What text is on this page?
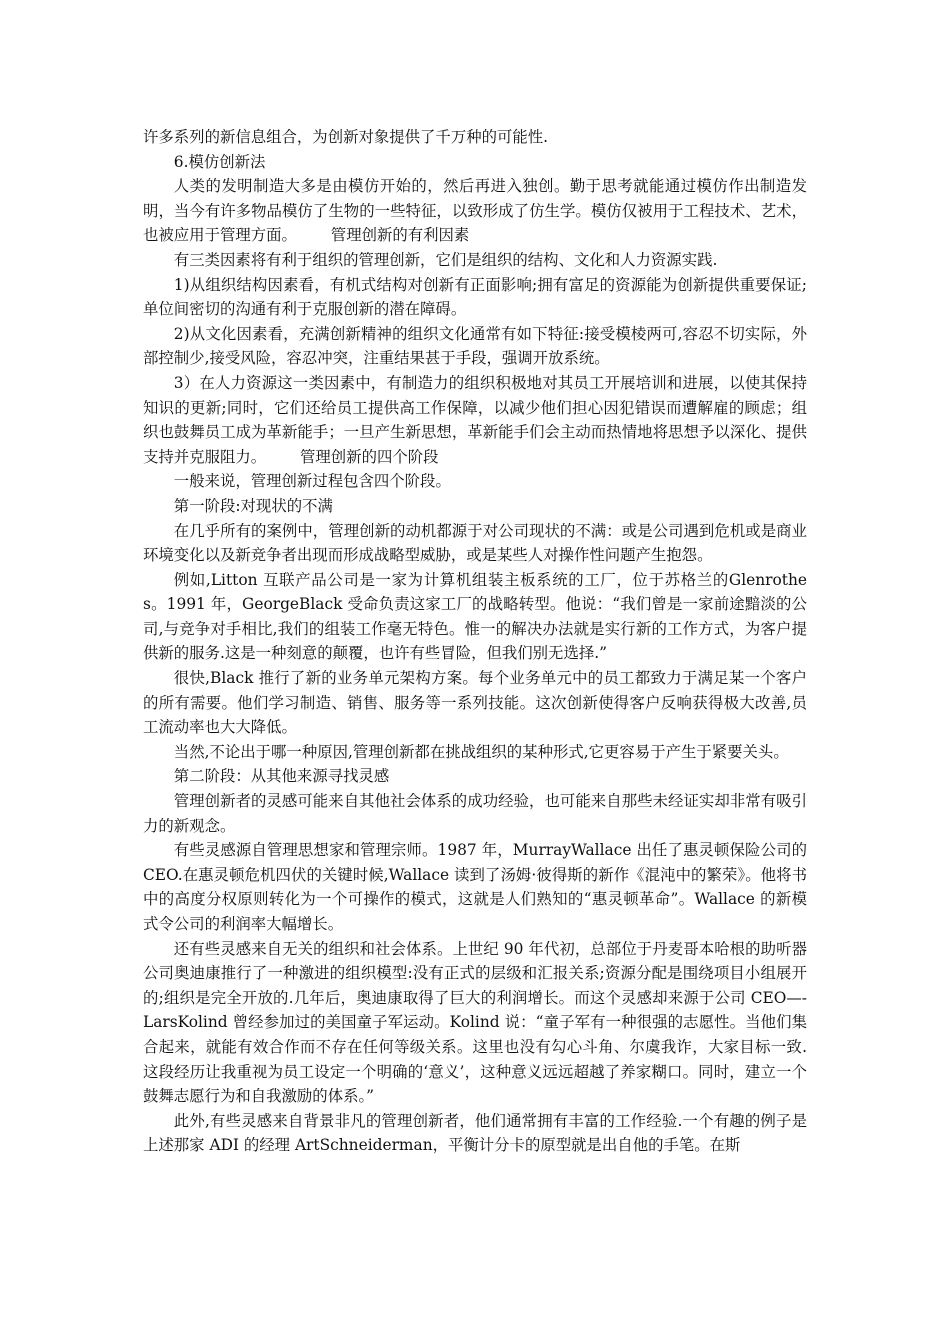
许多系列的新信息组合，为创新对象提供了千万种的可能性.

6.模仿创新法

人类的发明制造大多是由模仿开始的，然后再进入独创。勤于思考就能通过模仿作出制造发明，当今有许多物品模仿了生物的一些特征，以致形成了仿生学。模仿仅被用于工程技术、艺术，也被应用于管理方面。 管理创新的有利因素

有三类因素将有利于组织的管理创新，它们是组织的结构、文化和人力资源实践.

1)从组织结构因素看，有机式结构对创新有正面影响;拥有富足的资源能为创新提供重要保证;单位间密切的沟通有利于克服创新的潜在障碍。

2)从文化因素看，充满创新精神的组织文化通常有如下特征:接受模棱两可,容忍不切实际，外部控制少,接受风险，容忍冲突，注重结果甚于手段，强调开放系统。

3）在人力资源这一类因素中，有制造力的组织积极地对其员工开展培训和进展，以使其保持知识的更新;同时，它们还给员工提供高工作保障，以减少他们担心因犯错误而遭解雇的顾虑；组织也鼓舞员工成为革新能手；一旦产生新思想，革新能手们会主动而热情地将思想予以深化、提供支持并克服阻力。 管理创新的四个阶段

一般来说，管理创新过程包含四个阶段。

第一阶段:对现状的不满

在几乎所有的案例中，管理创新的动机都源于对公司现状的不满：或是公司遇到危机或是商业环境变化以及新竞争者出现而形成战略型威胁，或是某些人对操作性问题产生抱怨。

例如,Litton 互联产品公司是一家为计算机组装主板系统的工厂，位于苏格兰的Glenrothes。1991 年，GeorgeBlack 受命负责这家工厂的战略转型。他说：“我们曾是一家前途黯淡的公司,与竞争对手相比,我们的组装工作毫无特色。惟一的解决办法就是实行新的工作方式，为客户提供新的服务.这是一种刻意的颠覆，也许有些冒险，但我们别无选择.”

很快,Black 推行了新的业务单元架构方案。每个业务单元中的员工都致力于满足某一个客户的所有需要。他们学习制造、销售、服务等一系列技能。这次创新使得客户反响获得极大改善,员工流动率也大大降低。

当然,不论出于哪一种原因,管理创新都在挑战组织的某种形式,它更容易于产生于紧要关头。

第二阶段：从其他来源寻找灵感

管理创新者的灵感可能来自其他社会体系的成功经验，也可能来自那些未经证实却非常有吸引力的新观念。

有些灵感源自管理思想家和管理宗师。1987 年，MurrayWallace 出任了惠灵顿保险公司的 CEO.在惠灵顿危机四伏的关键时候,Wallace 读到了汤姆·彼得斯的新作《混沌中的繁荣》。他将书中的高度分权原则转化为一个可操作的模式，这就是人们熟知的“惠灵顿革命”。Wallace 的新模式令公司的利润率大幅增长。

还有些灵感来自无关的组织和社会体系。上世纪 90 年代初，总部位于丹麦哥本哈根的助听器公司奥迪康推行了一种激进的组织模型:没有正式的层级和汇报关系;资源分配是围绕项目小组展开的;组织是完全开放的.几年后，奥迪康取得了巨大的利润增长。而这个灵感却来源于公司 CEO—-LarsKolind 曾经参加过的美国童子军运动。Kolind 说：“童子军有一种很强的志愿性。当他们集合起来，就能有效合作而不存在任何等级关系。这里也没有勾心斗角、尔虞我诈，大家目标一致.这段经历让我重视为员工设定一个明确的‘意义’，这种意义远远超越了养家糊口。同时，建立一个鼓舞志愿行为和自我激励的体系。”

此外,有些灵感来自背景非凡的管理创新者，他们通常拥有丰富的工作经验.一个有趣的例子是上述那家 ADI 的经理 ArtSchneiderman，平衡计分卡的原型就是出自他的手笔。在斯
